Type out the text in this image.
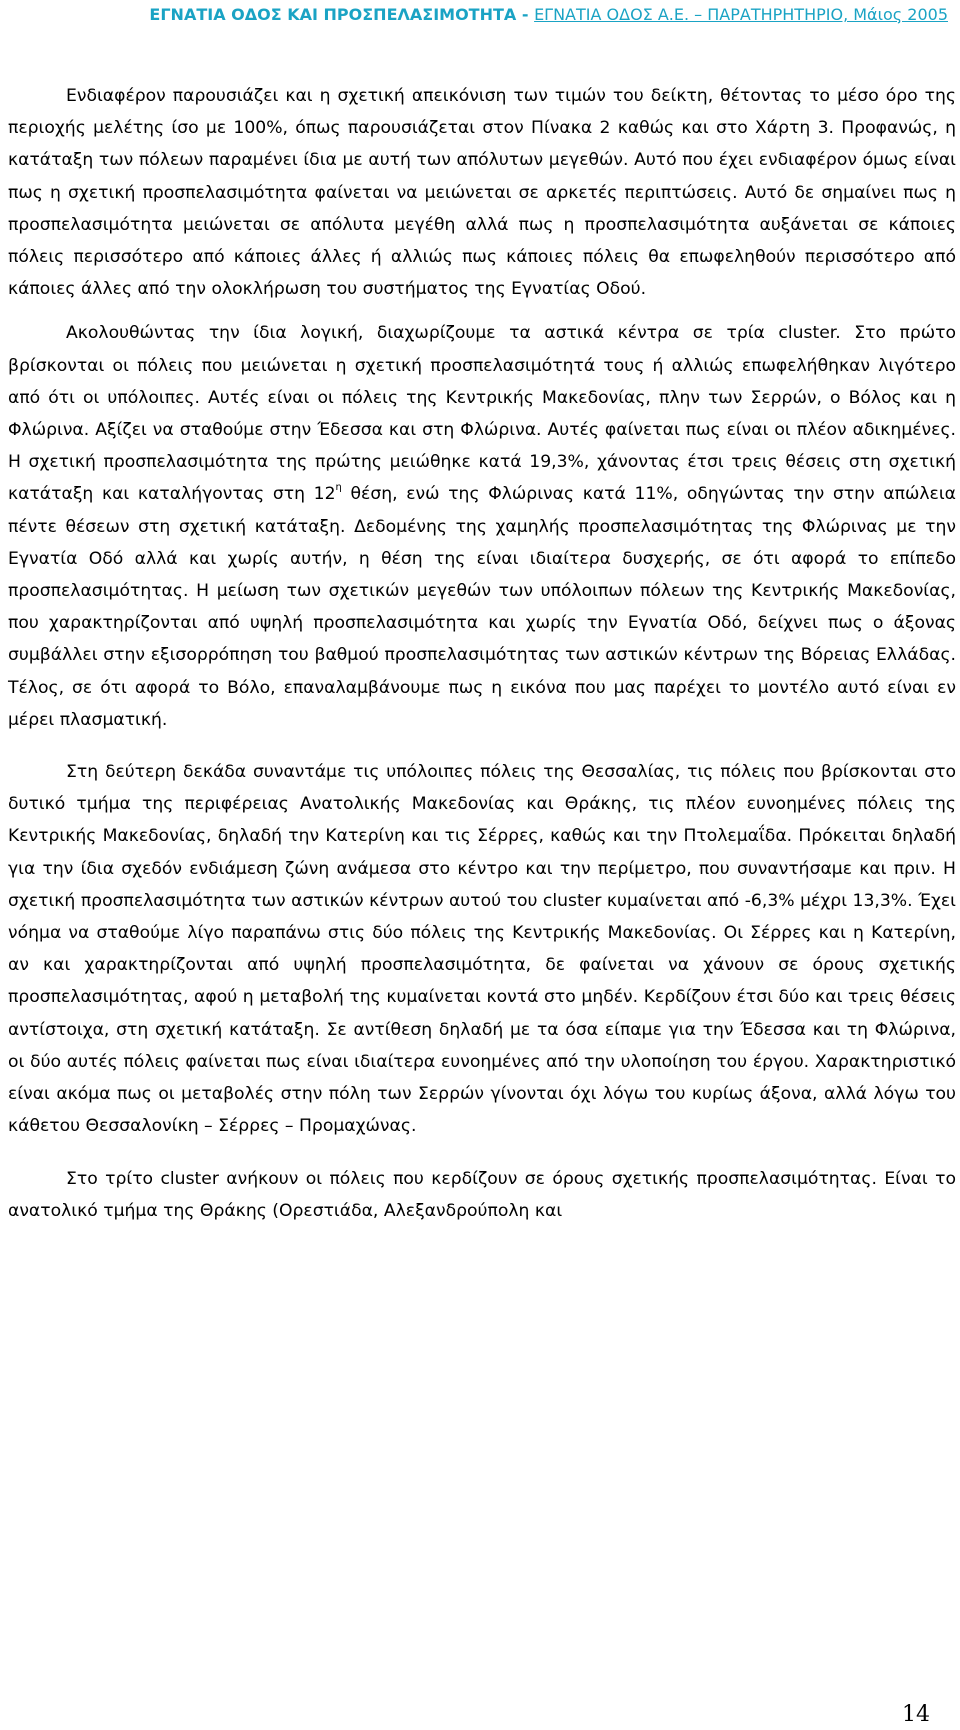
ΕΓΝΑΤΙΑ ΟΔΟΣ ΚΑΙ ΠΡΟΣΠΕΛΑΣΙΜΟΤΗΤΑ - ΕΓΝΑΤΙΑ ΟΔΟΣ Α.Ε. – ΠΑΡΑΤΗΡΗΤΗΡΙΟ, Μάιος 2005

Ενδιαφέρον παρουσιάζει και η σχετική απεικόνιση των τιμών του δείκτη, θέτοντας το μέσο όρο της περιοχής μελέτης ίσο με 100%, όπως παρουσιάζεται στον Πίνακα 2 καθώς και στο Χάρτη 3. Προφανώς, η κατάταξη των πόλεων παραμένει ίδια με αυτή των απόλυτων μεγεθών. Αυτό που έχει ενδιαφέρον όμως είναι πως η σχετική προσπελασιμότητα φαίνεται να μειώνεται σε αρκετές περιπτώσεις. Αυτό δε σημαίνει πως η προσπελασιμότητα μειώνεται σε απόλυτα μεγέθη αλλά πως η προσπελασιμότητα αυξάνεται σε κάποιες πόλεις περισσότερο από κάποιες άλλες ή αλλιώς πως κάποιες πόλεις θα επωφεληθούν περισσότερο από κάποιες άλλες από την ολοκλήρωση του συστήματος της Εγνατίας Οδού.

Ακολουθώντας την ίδια λογική, διαχωρίζουμε τα αστικά κέντρα σε τρία cluster. Στο πρώτο βρίσκονται οι πόλεις που μειώνεται η σχετική προσπελασιμότητά τους ή αλλιώς επωφελήθηκαν λιγότερο από ότι οι υπόλοιπες. Αυτές είναι οι πόλεις της Κεντρικής Μακεδονίας, πλην των Σερρών, ο Βόλος και η Φλώρινα. Αξίζει να σταθούμε στην Έδεσσα και στη Φλώρινα. Αυτές φαίνεται πως είναι οι πλέον αδικημένες. Η σχετική προσπελασιμότητα της πρώτης μειώθηκε κατά 19,3%, χάνοντας έτσι τρεις θέσεις στη σχετική κατάταξη και καταλήγοντας στη $12^\eta$ θέση, ενώ της Φλώρινας κατά 11%, οδηγώντας την στην απώλεια πέντε θέσεων στη σχετική κατάταξη. Δεδομένης της χαμηλής προσπελασιμότητας της Φλώρινας με την Εγνατία Οδό αλλά και χωρίς αυτήν, η θέση της είναι ιδιαίτερα δυσχερής, σε ότι αφορά το επίπεδο προσπελασιμότητας. Η μείωση των σχετικών μεγεθών των υπόλοιπων πόλεων της Κεντρικής Μακεδονίας, που χαρακτηρίζονται από υψηλή προσπελασιμότητα και χωρίς την Εγνατία Οδό, δείχνει πως ο άξονας συμβάλλει στην εξισορρόπηση του βαθμού προσπελασιμότητας των αστικών κέντρων της Βόρειας Ελλάδας. Τέλος, σε ότι αφορά το Βόλο, επαναλαμβάνουμε πως η εικόνα που μας παρέχει το μοντέλο αυτό είναι εν μέρει πλασματική.

Στη δεύτερη δεκάδα συναντάμε τις υπόλοιπες πόλεις της Θεσσαλίας, τις πόλεις που βρίσκονται στο δυτικό τμήμα της περιφέρειας Ανατολικής Μακεδονίας και Θράκης, τις πλέον ευνοημένες πόλεις της Κεντρικής Μακεδονίας, δηλαδή την Κατερίνη και τις Σέρρες, καθώς και την Πτολεμαΐδα. Πρόκειται δηλαδή για την ίδια σχεδόν ενδιάμεση ζώνη ανάμεσα στο κέντρο και την περίμετρο, που συναντήσαμε και πριν. Η σχετική προσπελασιμότητα των αστικών κέντρων αυτού του cluster κυμαίνεται από -6,3% μέχρι 13,3%. Έχει νόημα να σταθούμε λίγο παραπάνω στις δύο πόλεις της Κεντρικής Μακεδονίας. Οι Σέρρες και η Κατερίνη, αν και χαρακτηρίζονται από υψηλή προσπελασιμότητα, δε φαίνεται να χάνουν σε όρους σχετικής προσπελασιμότητας, αφού η μεταβολή της κυμαίνεται κοντά στο μηδέν. Κερδίζουν έτσι δύο και τρεις θέσεις αντίστοιχα, στη σχετική κατάταξη. Σε αντίθεση δηλαδή με τα όσα είπαμε για την Έδεσσα και τη Φλώρινα, οι δύο αυτές πόλεις φαίνεται πως είναι ιδιαίτερα ευνοημένες από την υλοποίηση του έργου. Χαρακτηριστικό είναι ακόμα πως οι μεταβολές στην πόλη των Σερρών γίνονται όχι λόγω του κυρίως άξονα, αλλά λόγω του κάθετου Θεσσαλονίκη – Σέρρες – Προμαχώνας.

Στο τρίτο cluster ανήκουν οι πόλεις που κερδίζουν σε όρους σχετικής προσπελασιμότητας. Είναι το ανατολικό τμήμα της Θράκης (Ορεστιάδα, Αλεξανδρούπολη και

14
